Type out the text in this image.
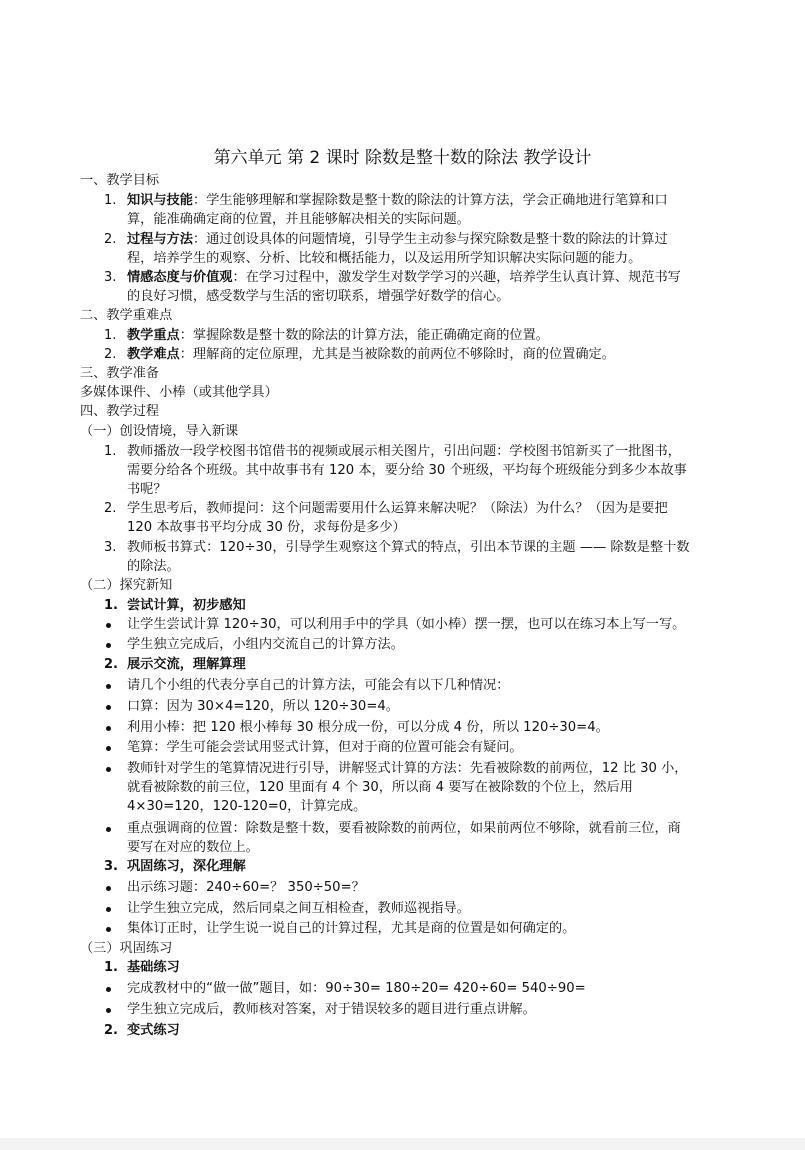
第六单元 第 2 课时 除数是整十数的除法 教学设计
一、教学目标
1. 知识与技能：学生能够理解和掌握除数是整十数的除法的计算方法，学会正确地进行笔算和口
算，能准确确定商的位置，并且能够解决相关的实际问题。
2. 过程与方法：通过创设具体的问题情境，引导学生主动参与探究除数是整十数的除法的计算过
程，培养学生的观察、分析、比较和概括能力，以及运用所学知识解决实际问题的能力。
3. 情感态度与价值观：在学习过程中，激发学生对数学学习的兴趣，培养学生认真计算、规范书写
的良好习惯，感受数学与生活的密切联系，增强学好数学的信心。
二、教学重难点
1. 教学重点：掌握除数是整十数的除法的计算方法，能正确确定商的位置。
2. 教学难点：理解商的定位原理，尤其是当被除数的前两位不够除时，商的位置确定。
三、教学准备
多媒体课件、小棒（或其他学具）
四、教学过程
（一）创设情境，导入新课
1. 教师播放一段学校图书馆借书的视频或展示相关图片，引出问题：学校图书馆新买了一批图书，
需要分给各个班级。其中故事书有 120 本，要分给 30 个班级，平均每个班级能分到多少本故事
书呢？
2. 学生思考后，教师提问：这个问题需要用什么运算来解决呢？（除法）为什么？（因为是要把
120 本故事书平均分成 30 份，求每份是多少）
3. 教师板书算式：120÷30，引导学生观察这个算式的特点，引出本节课的主题 —— 除数是整十数
的除法。
（二）探究新知
1. 尝试计算，初步感知
让学生尝试计算 120÷30，可以利用手中的学具（如小棒）摆一摆，也可以在练习本上写一写。
学生独立完成后，小组内交流自己的计算方法。
2. 展示交流，理解算理
请几个小组的代表分享自己的计算方法，可能会有以下几种情况：
口算：因为 30×4=120，所以 120÷30=4。
利用小棒：把 120 根小棒每 30 根分成一份，可以分成 4 份，所以 120÷30=4。
笔算：学生可能会尝试用竖式计算，但对于商的位置可能会有疑问。
教师针对学生的笔算情况进行引导，讲解竖式计算的方法：先看被除数的前两位，12 比 30 小，
就看被除数的前三位，120 里面有 4 个 30，所以商 4 要写在被除数的个位上，然后用
4×30=120，120-120=0，计算完成。
重点强调商的位置：除数是整十数，要看被除数的前两位，如果前两位不够除，就看前三位，商
要写在对应的数位上。
3. 巩固练习，深化理解
出示练习题：240÷60=？ 350÷50=？
让学生独立完成，然后同桌之间互相检查，教师巡视指导。
集体订正时，让学生说一说自己的计算过程，尤其是商的位置是如何确定的。
（三）巩固练习
1. 基础练习
完成教材中的“做一做”题目，如：90÷30= 180÷20= 420÷60= 540÷90=
学生独立完成后，教师核对答案，对于错误较多的题目进行重点讲解。
2. 变式练习
